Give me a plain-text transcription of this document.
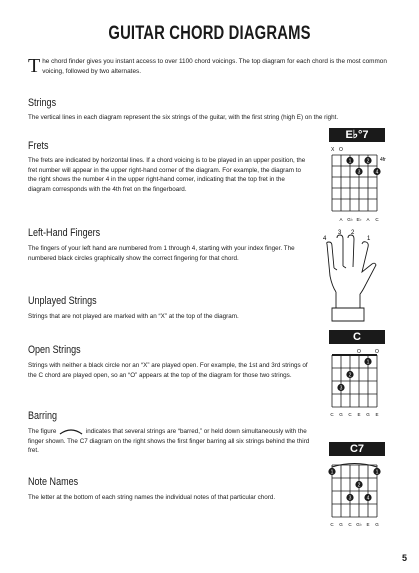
GUITAR CHORD DIAGRAMS
The chord finder gives you instant access to over 1100 chord voicings. The top diagram for each chord is the most common voicing, followed by two alternates.
Strings
The vertical lines in each diagram represent the six strings of the guitar, with the first string (high E) on the right.
Frets
The frets are indicated by horizontal lines. If a chord voicing is to be played in an upper position, the fret number will appear in the upper right-hand corner of the diagram. For example, the diagram to the right shows the number 4 in the upper right-hand corner, indicating that the top fret in the diagram corresponds with the 4th fret on the fingerboard.
Left-Hand Fingers
The fingers of your left hand are numbered from 1 through 4, starting with your index finger. The numbered black circles graphically show the correct fingering for that chord.
Unplayed Strings
Strings that are not played are marked with an “X” at the top of the diagram.
Open Strings
Strings with neither a black circle nor an “X” are played open. For example, the 1st and 3rd strings of the C chord are played open, so an “O” appears at the top of the diagram for those two strings.
Barring
The figure	indicates that several strings are “barred,” or held down simultaneously with the finger shown. The C7 diagram on the right shows the first finger barring all six strings behind the third fret.
Note Names
The letter at the bottom of each string names the individual notes of that particular chord.
5
E♭°7
X O
4fr
1	2
3	4
A G♭ E♭ A C
4
3 2
1
C
O	O
3
2
1
C G C E G E
C7
1	1
2
3	4
C G C G♭ E G
